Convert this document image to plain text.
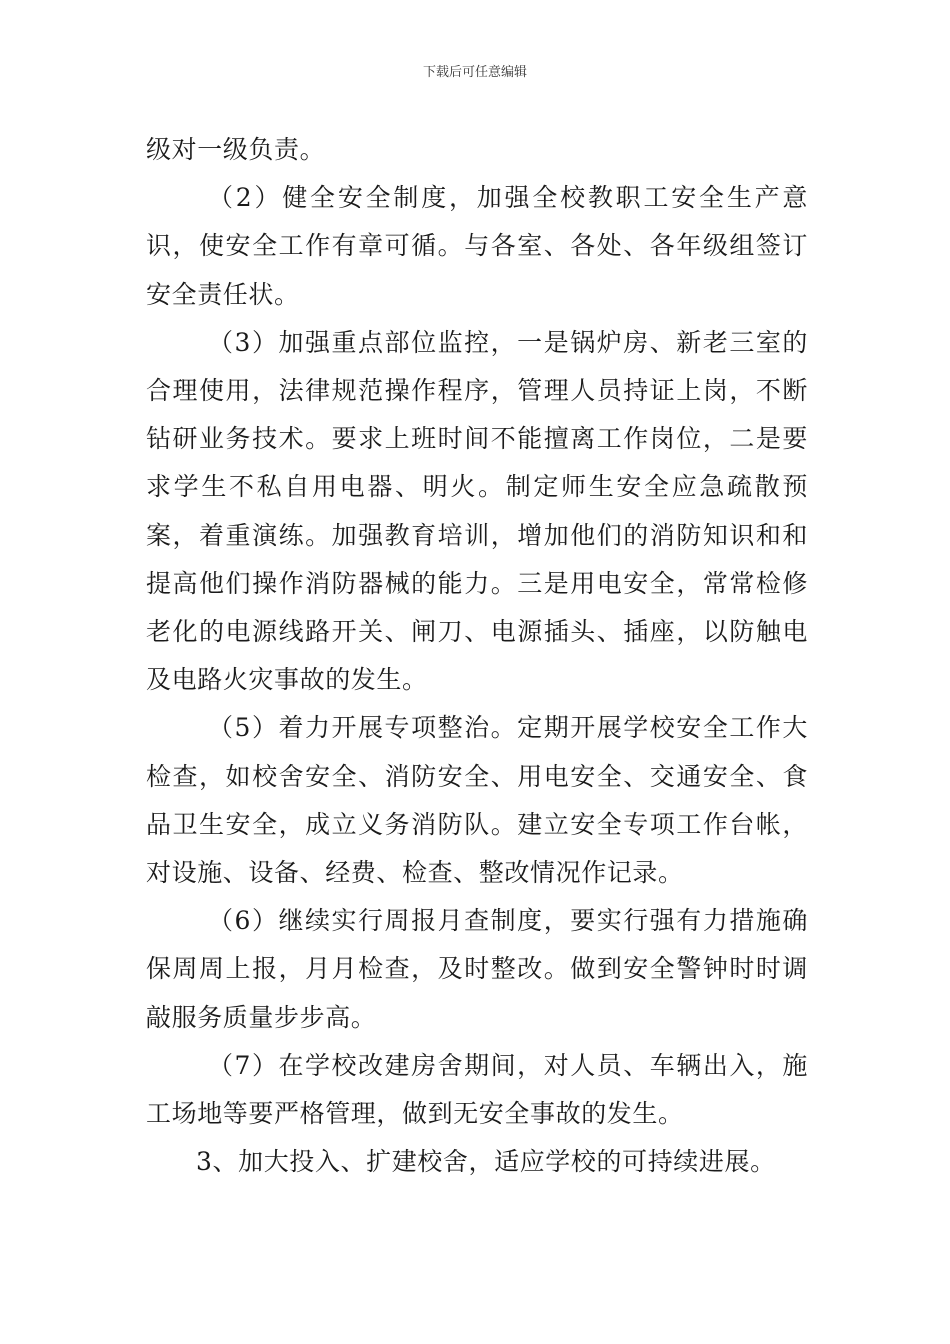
下载后可任意编辑

级对一级负责。

（2）健全安全制度，加强全校教职工安全生产意识，使安全工作有章可循。与各室、各处、各年级组签订安全责任状。

（3）加强重点部位监控，一是锅炉房、新老三室的合理使用，法律规范操作程序，管理人员持证上岗，不断钻研业务技术。要求上班时间不能擅离工作岗位，二是要求学生不私自用电器、明火。制定师生安全应急疏散预案，着重演练。加强教育培训，增加他们的消防知识和和提高他们操作消防器械的能力。三是用电安全，常常检修老化的电源线路开关、闸刀、电源插头、插座，以防触电及电路火灾事故的发生。

（5）着力开展专项整治。定期开展学校安全工作大检查，如校舍安全、消防安全、用电安全、交通安全、食品卫生安全，成立义务消防队。建立安全专项工作台帐，对设施、设备、经费、检查、整改情况作记录。

（6）继续实行周报月查制度，要实行强有力措施确保周周上报，月月检查，及时整改。做到安全警钟时时调敲服务质量步步高。

（7）在学校改建房舍期间，对人员、车辆出入，施工场地等要严格管理，做到无安全事故的发生。

3、加大投入、扩建校舍，适应学校的可持续进展。
